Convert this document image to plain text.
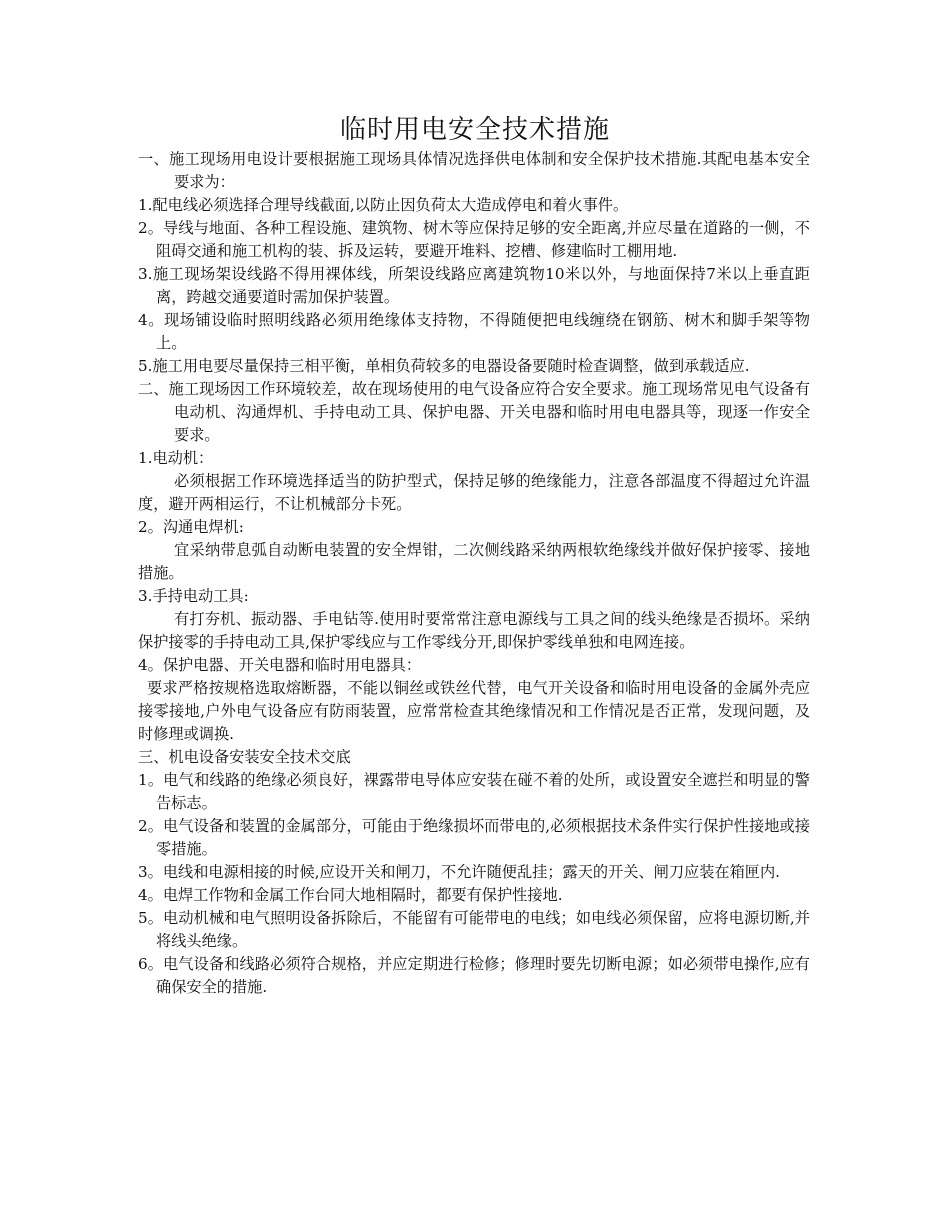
临时用电安全技术措施

一、施工现场用电设计要根据施工现场具体情况选择供电体制和安全保护技术措施.其配电基本安全要求为：

1.配电线必须选择合理导线截面,以防止因负荷太大造成停电和着火事件。

2。导线与地面、各种工程设施、建筑物、树木等应保持足够的安全距离,并应尽量在道路的一侧，不阻碍交通和施工机构的装、拆及运转，要避开堆料、挖槽、修建临时工棚用地.

3.施工现场架设线路不得用裸体线，所架设线路应离建筑物10米以外，与地面保持7米以上垂直距离，跨越交通要道时需加保护装置。

4。现场铺设临时照明线路必须用绝缘体支持物，不得随便把电线缠绕在钢筋、树木和脚手架等物上。

5.施工用电要尽量保持三相平衡，单相负荷较多的电器设备要随时检查调整，做到承载适应.

二、施工现场因工作环境较差，故在现场使用的电气设备应符合安全要求。施工现场常见电气设备有电动机、沟通焊机、手持电动工具、保护电器、开关电器和临时用电电器具等，现逐一作安全要求。

1.电动机：

必须根据工作环境选择适当的防护型式，保持足够的绝缘能力，注意各部温度不得超过允许温度，避开两相运行，不让机械部分卡死。

2。沟通电焊机:

宜采纳带息弧自动断电装置的安全焊钳，二次侧线路采纳两根软绝缘线并做好保护接零、接地措施。

3.手持电动工具:

有打夯机、振动器、手电钻等.使用时要常常注意电源线与工具之间的线头绝缘是否损坏。采纳保护接零的手持电动工具,保护零线应与工作零线分开,即保护零线单独和电网连接。

4。保护电器、开关电器和临时用电器具：

要求严格按规格选取熔断器，不能以铜丝或铁丝代替，电气开关设备和临时用电设备的金属外壳应接零接地,户外电气设备应有防雨装置，应常常检查其绝缘情况和工作情况是否正常，发现问题，及时修理或调换.

三、机电设备安装安全技术交底

1。电气和线路的绝缘必须良好，裸露带电导体应安装在碰不着的处所，或设置安全遮拦和明显的警告标志。

2。电气设备和装置的金属部分，可能由于绝缘损坏而带电的,必须根据技术条件实行保护性接地或接零措施。

3。电线和电源相接的时候,应设开关和闸刀，不允许随便乱挂；露天的开关、闸刀应装在箱匣内.

4。电焊工作物和金属工作台同大地相隔时，都要有保护性接地.

5。电动机械和电气照明设备拆除后，不能留有可能带电的电线；如电线必须保留，应将电源切断,并将线头绝缘。

6。电气设备和线路必须符合规格，并应定期进行检修；修理时要先切断电源；如必须带电操作,应有确保安全的措施.
